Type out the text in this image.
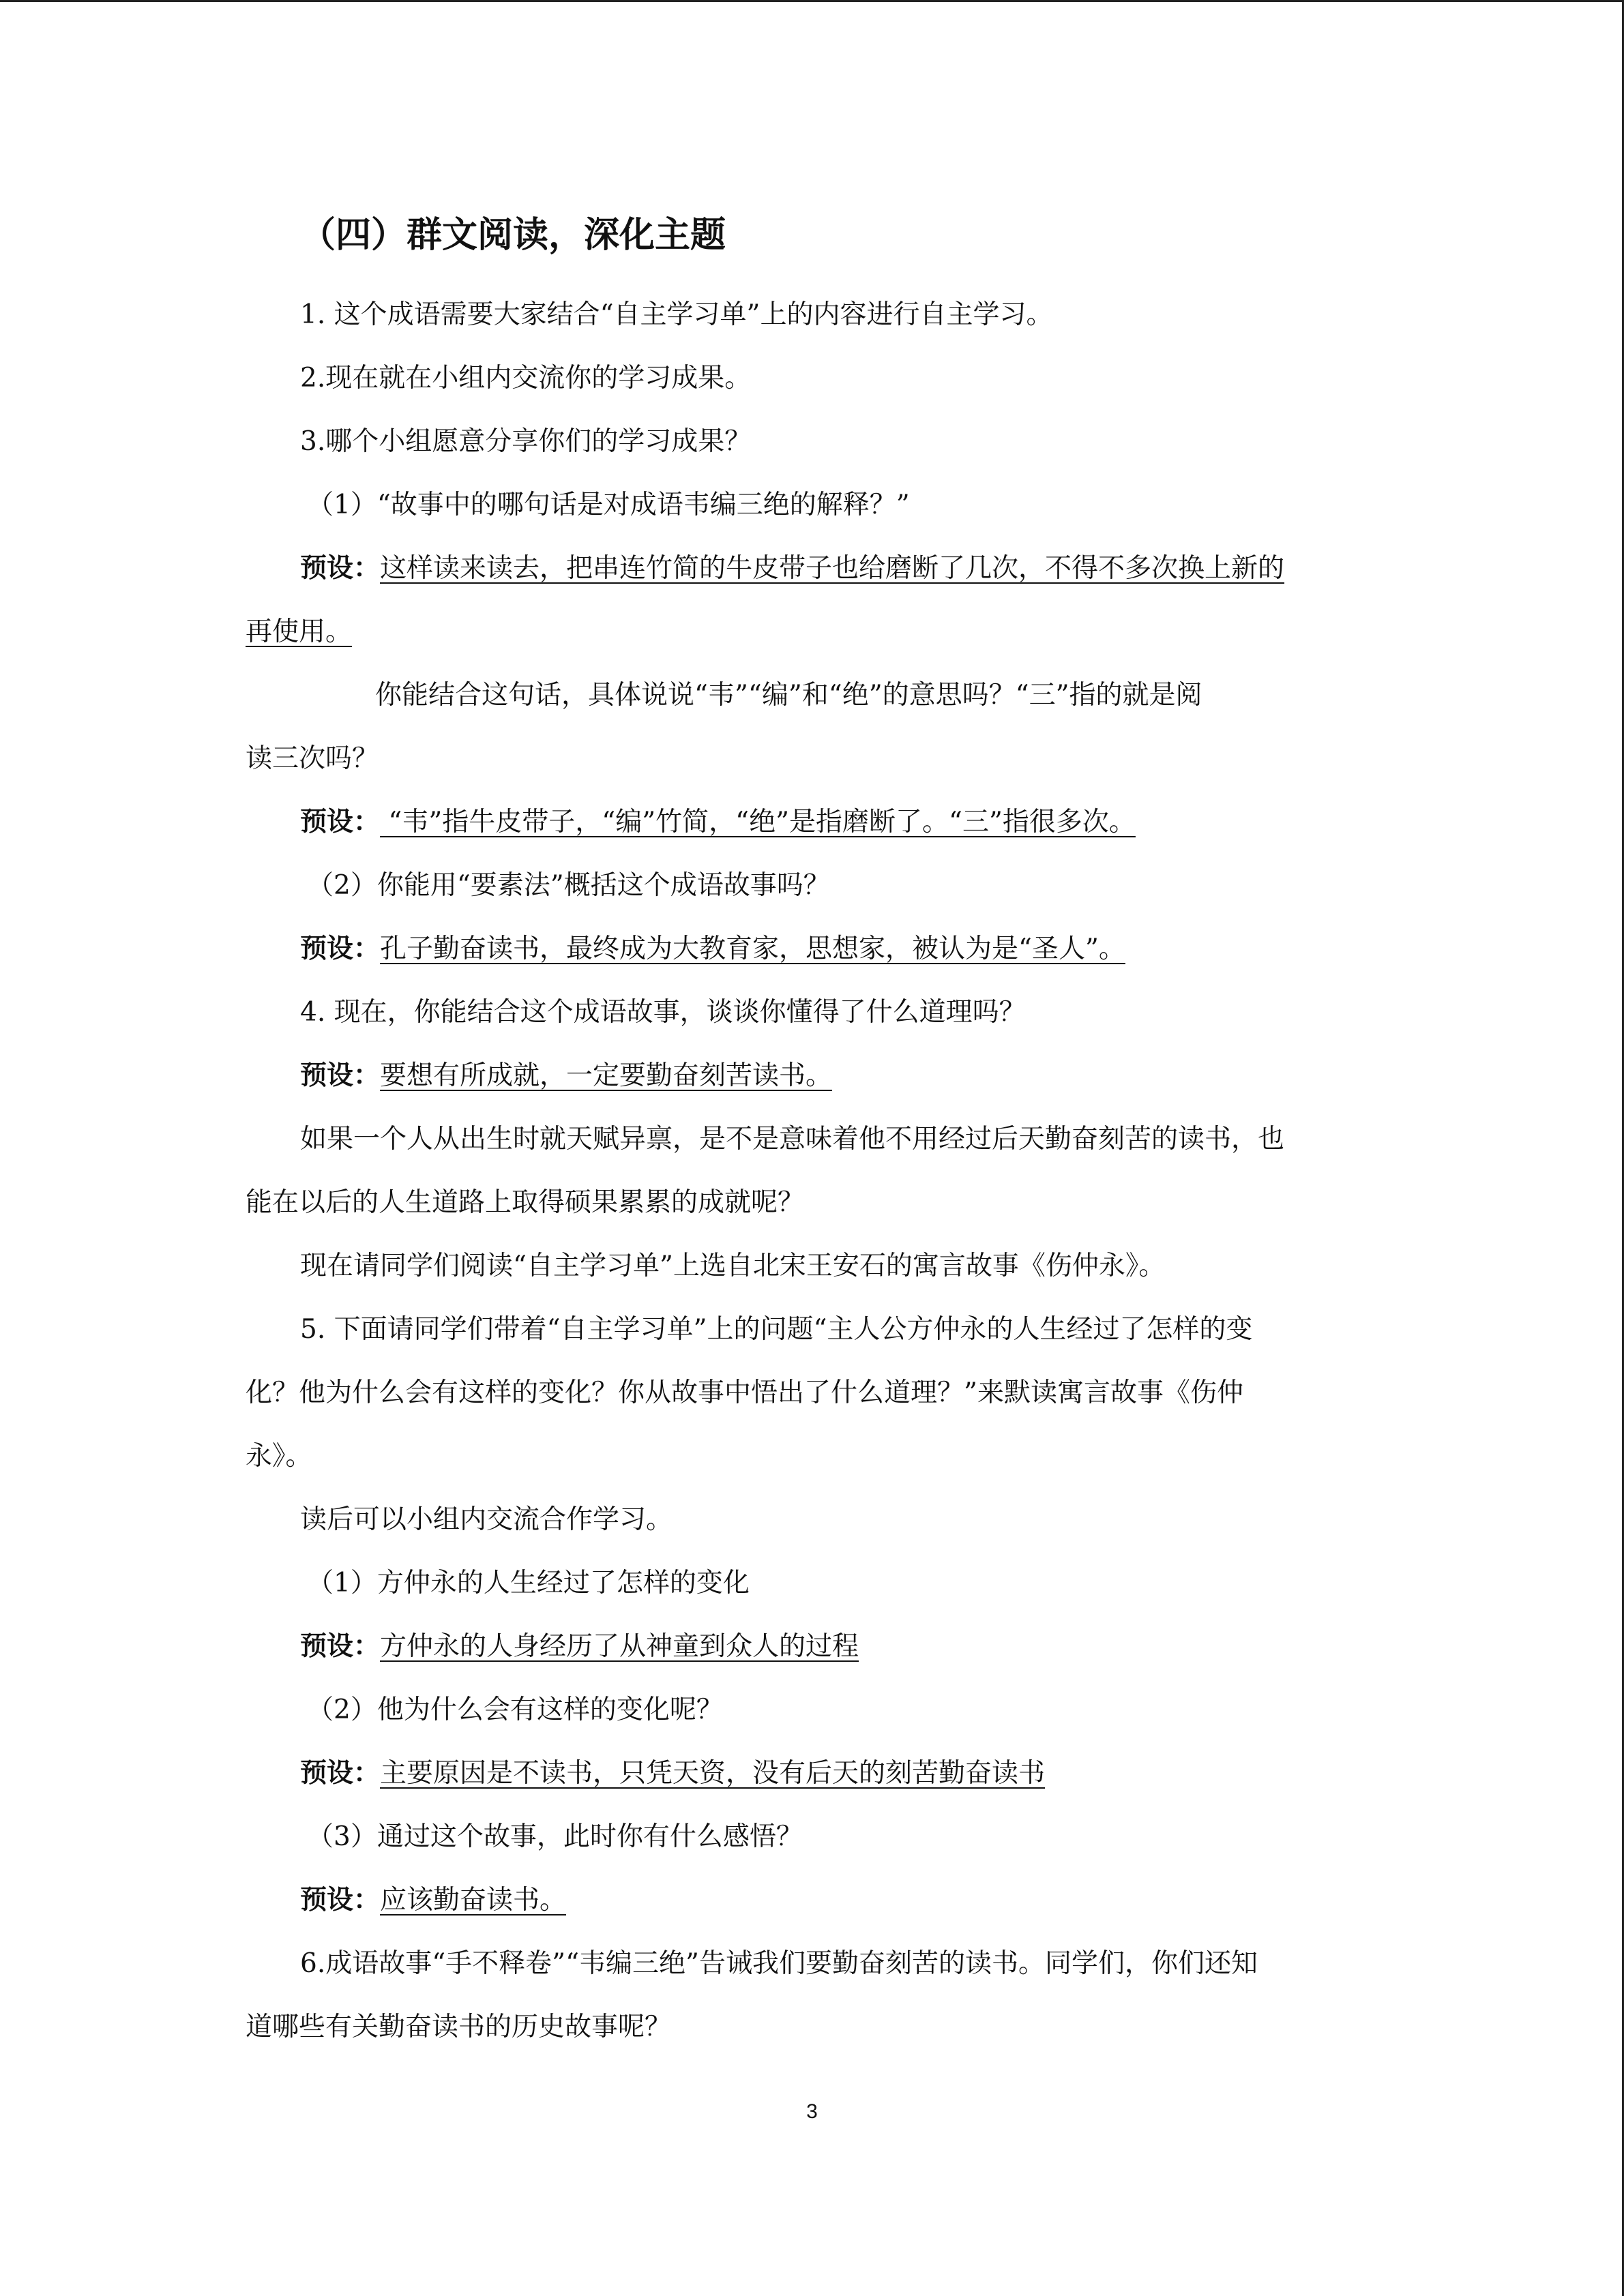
（四）群文阅读，深化主题
1. 这个成语需要大家结合“自主学习单”上的内容进行自主学习。
2.现在就在小组内交流你的学习成果。
3.哪个小组愿意分享你们的学习成果？
（1）“故事中的哪句话是对成语韦编三绝的解释？”
预设：这样读来读去，把串连竹简的牛皮带子也给磨断了几次，不得不多次换上新的
再使用。
你能结合这句话，具体说说“韦”“编”和“绝”的意思吗？“三”指的就是阅
读三次吗？
预设： “韦”指牛皮带子，“编”竹简，“绝”是指磨断了。“三”指很多次。
（2）你能用“要素法”概括这个成语故事吗？
预设：孔子勤奋读书，最终成为大教育家，思想家，被认为是“圣人”。
4. 现在，你能结合这个成语故事，谈谈你懂得了什么道理吗？
预设：要想有所成就，一定要勤奋刻苦读书。
如果一个人从出生时就天赋异禀，是不是意味着他不用经过后天勤奋刻苦的读书，也
能在以后的人生道路上取得硕果累累的成就呢？
现在请同学们阅读“自主学习单”上选自北宋王安石的寓言故事《伤仲永》。
5. 下面请同学们带着“自主学习单”上的问题“主人公方仲永的人生经过了怎样的变
化？他为什么会有这样的变化？你从故事中悟出了什么道理？”来默读寓言故事《伤仲
永》。
读后可以小组内交流合作学习。
（1）方仲永的人生经过了怎样的变化
预设：方仲永的人身经历了从神童到众人的过程
（2）他为什么会有这样的变化呢？
预设：主要原因是不读书，只凭天资，没有后天的刻苦勤奋读书
（3）通过这个故事，此时你有什么感悟？
预设：应该勤奋读书。
6.成语故事“手不释卷”“韦编三绝”告诫我们要勤奋刻苦的读书。同学们，你们还知
道哪些有关勤奋读书的历史故事呢？
3
